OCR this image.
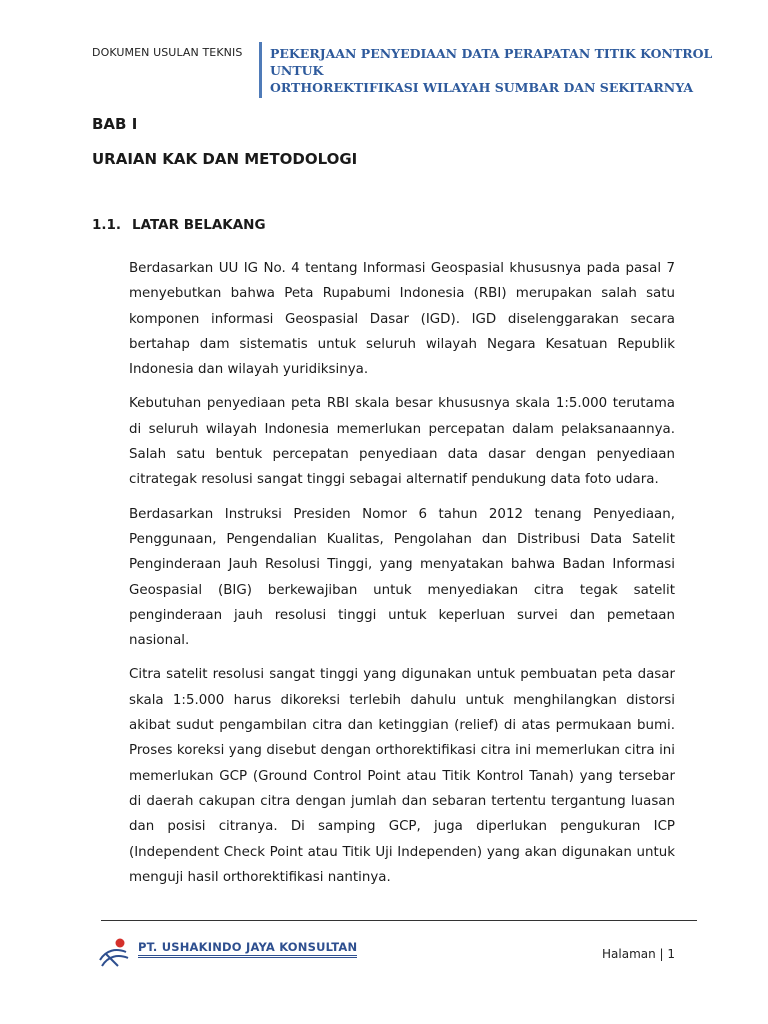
DOKUMEN USULAN TEKNIS PEKERJAAN PENYEDIAAN DATA PERAPATAN TITIK KONTROL UNTUK
ORTHOREKTIFIKASI WILAYAH SUMBAR DAN SEKITARNYA
BAB I
URAIAN KAK DAN METODOLOGI
1.1. LATAR BELAKANG

Berdasarkan UU IG No. 4 tentang Informasi Geospasial khususnya pada pasal 7 menyebutkan bahwa Peta Rupabumi Indonesia (RBI) merupakan salah satu komponen informasi Geospasial Dasar (IGD). IGD diselenggarakan secara bertahap dam sistematis untuk seluruh wilayah Negara Kesatuan Republik Indonesia dan wilayah yuridiksinya.

Kebutuhan penyediaan peta RBI skala besar khususnya skala 1:5.000 terutama di seluruh wilayah Indonesia memerlukan percepatan dalam pelaksanaannya. Salah satu bentuk percepatan penyediaan data dasar dengan penyediaan citrategak resolusi sangat tinggi sebagai alternatif pendukung data foto udara.

Berdasarkan Instruksi Presiden Nomor 6 tahun 2012 tenang Penyediaan, Penggunaan, Pengendalian Kualitas, Pengolahan dan Distribusi Data Satelit Penginderaan Jauh Resolusi Tinggi, yang menyatakan bahwa Badan Informasi Geospasial (BIG) berkewajiban untuk menyediakan citra tegak satelit penginderaan jauh resolusi tinggi untuk keperluan survei dan pemetaan nasional.

Citra satelit resolusi sangat tinggi yang digunakan untuk pembuatan peta dasar skala 1:5.000 harus dikoreksi terlebih dahulu untuk menghilangkan distorsi akibat sudut pengambilan citra dan ketinggian (relief) di atas permukaan bumi. Proses koreksi yang disebut dengan orthorektifikasi citra ini memerlukan citra ini memerlukan GCP (Ground Control Point atau Titik Kontrol Tanah) yang tersebar di daerah cakupan citra dengan jumlah dan sebaran tertentu tergantung luasan dan posisi citranya. Di samping GCP, juga diperlukan pengukuran ICP (Independent Check Point atau Titik Uji Independen) yang akan digunakan untuk menguji hasil orthorektifikasi nantinya.

PT. USHAKINDO JAYA KONSULTAN	Halaman | 1
